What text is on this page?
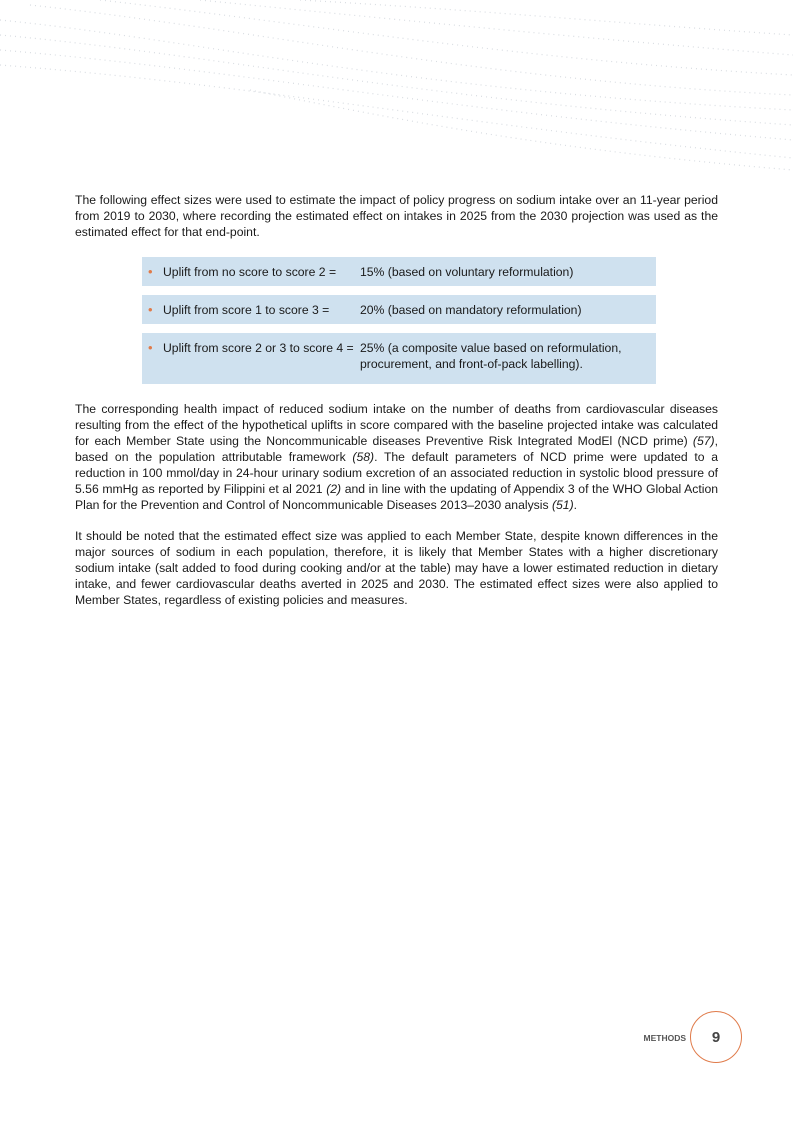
The following effect sizes were used to estimate the impact of policy progress on sodium intake over an 11-year period from 2019 to 2030, where recording the estimated effect on intakes in 2025 from the 2030 projection was used as the estimated effect for that end-point.

• Uplift from no score to score 2 = 15% (based on voluntary reformulation)
• Uplift from score 1 to score 3 =	20% (based on mandatory reformulation)
• Uplift from score 2 or 3 to score 4 = 25% (a composite value based on reformulation, procurement, and front-of-pack labelling).

The corresponding health impact of reduced sodium intake on the number of deaths from cardiovascular diseases resulting from the effect of the hypothetical uplifts in score compared with the baseline projected intake was calculated for each Member State using the Noncommunicable diseases Preventive Risk Integrated ModEl (NCD prime) (57), based on the population attributable framework (58). The default parameters of NCD prime were updated to a reduction in 100 mmol/day in 24-hour urinary sodium excretion of an associated reduction in systolic blood pressure of 5.56 mmHg as reported by Filippini et al 2021 (2) and in line with the updating of Appendix 3 of the WHO Global Action Plan for the Prevention and Control of Noncommunicable Diseases 2013–2030 analysis (51).

It should be noted that the estimated effect size was applied to each Member State, despite known differences in the major sources of sodium in each population, therefore, it is likely that Member States with a higher discretionary sodium intake (salt added to food during cooking and/or at the table) may have a lower estimated reduction in dietary intake, and fewer cardiovascular deaths averted in 2025 and 2030. The estimated effect sizes were also applied to Member States, regardless of existing policies and measures.

METHODS	9
